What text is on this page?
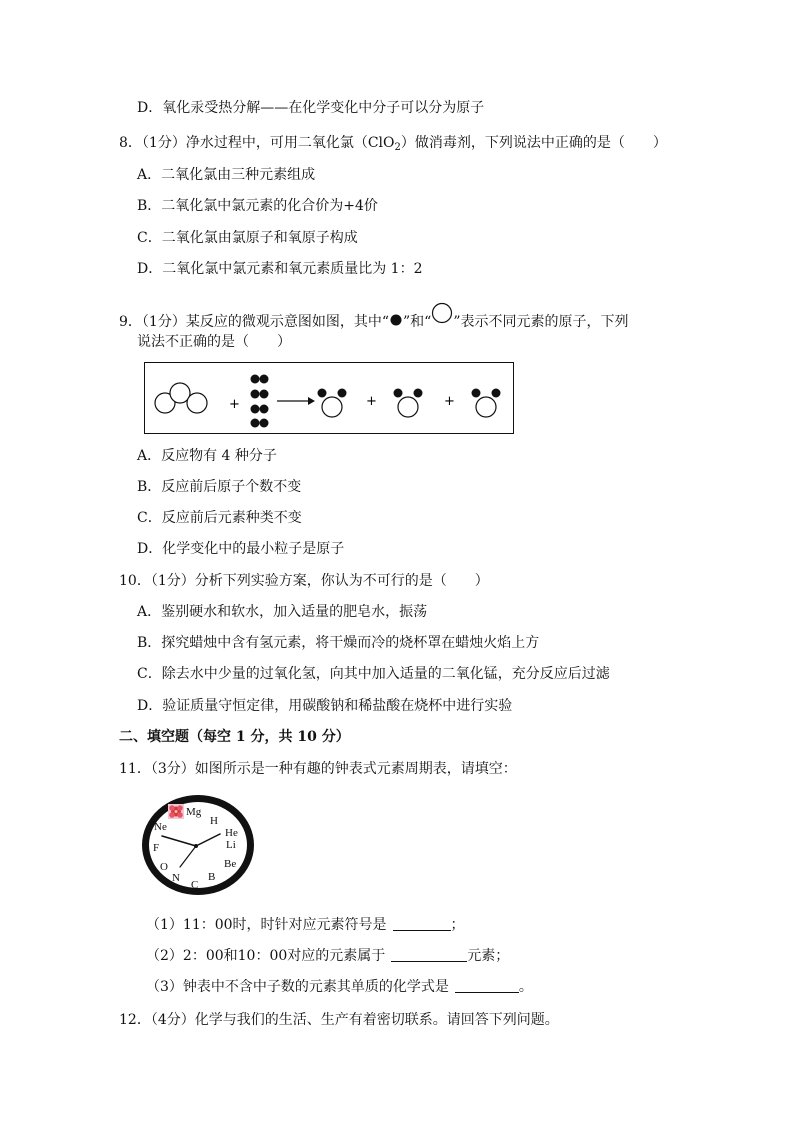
D．氧化汞受热分解——在化学变化中分子可以分为原子
8．（1分）净水过程中，可用二氧化氯（ClO$_2$）做消毒剂，下列说法中正确的是（　　）
A．二氧化氯由三种元素组成
B．二氧化氯中氯元素的化合价为+4价
C．二氧化氯由氯原子和氧原子构成
D．二氧化氯中氯元素和氧元素质量比为 1：2
9．（1分）某反应的微观示意图如图，其中“ ”和“ ”表示不同元素的原子，下列
说法不正确的是（　　）
+	+	+
A．反应物有 4 种分子
B．反应前后原子个数不变
C．反应前后元素种类不变
D．化学变化中的最小粒子是原子
10．（1分）分析下列实验方案，你认为不可行的是（　　）
A．鉴别硬水和软水，加入适量的肥皂水，振荡
B．探究蜡烛中含有氢元素，将干燥而冷的烧杯罩在蜡烛火焰上方
C．除去水中少量的过氧化氢，向其中加入适量的二氧化锰，充分反应后过滤
D．验证质量守恒定律，用碳酸钠和稀盐酸在烧杯中进行实验
二、填空题（每空 1 分，共 10 分）
11．（3分）如图所示是一种有趣的钟表式元素周期表，请填空：
H
He
Li
Be
B
C
N
O
F
Ne
Mg
（1）11：00时，时针对应元素符号是	；
（2）2：00和10：00对应的元素属于	元素；
（3）钟表中不含中子数的元素其单质的化学式是	。
12．（4分）化学与我们的生活、生产有着密切联系。请回答下列问题。
